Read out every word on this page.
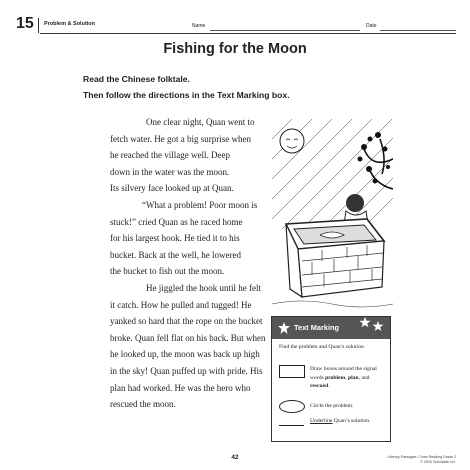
15 Problem & Solution	Name	Date
Fishing for the Moon
Read the Chinese folktale.
Then follow the directions in the Text Marking box.

One clear night, Quan went to

fetch water. He got a big surprise when

he reached the village well. Deep

down in the water was the moon.

Its silvery face looked up at Quan.

“What a problem! Poor moon is

stuck!” cried Quan as he raced home

for his largest hook. He tied it to his

bucket. Back at the well, he lowered

the bucket to fish out the moon.

He jiggled the hook until he felt

it catch. How he pulled and tugged! He

yanked so hard that the rope on the bucket

broke. Quan fell flat on his back. But when

he looked up, the moon was back up high

in the sky! Quan puffed up with pride. His

plan had worked. He was the hero who

rescued the moon.

Text Marking
Find the problem and Quan’s solution.
Draw boxes around the signal words problem, plan, and rescued.
Circle the problem.
Underline Quan’s solution.
42	Literary Passages: Close Reading Grade 2
© 2016 Scholastic Inc.
